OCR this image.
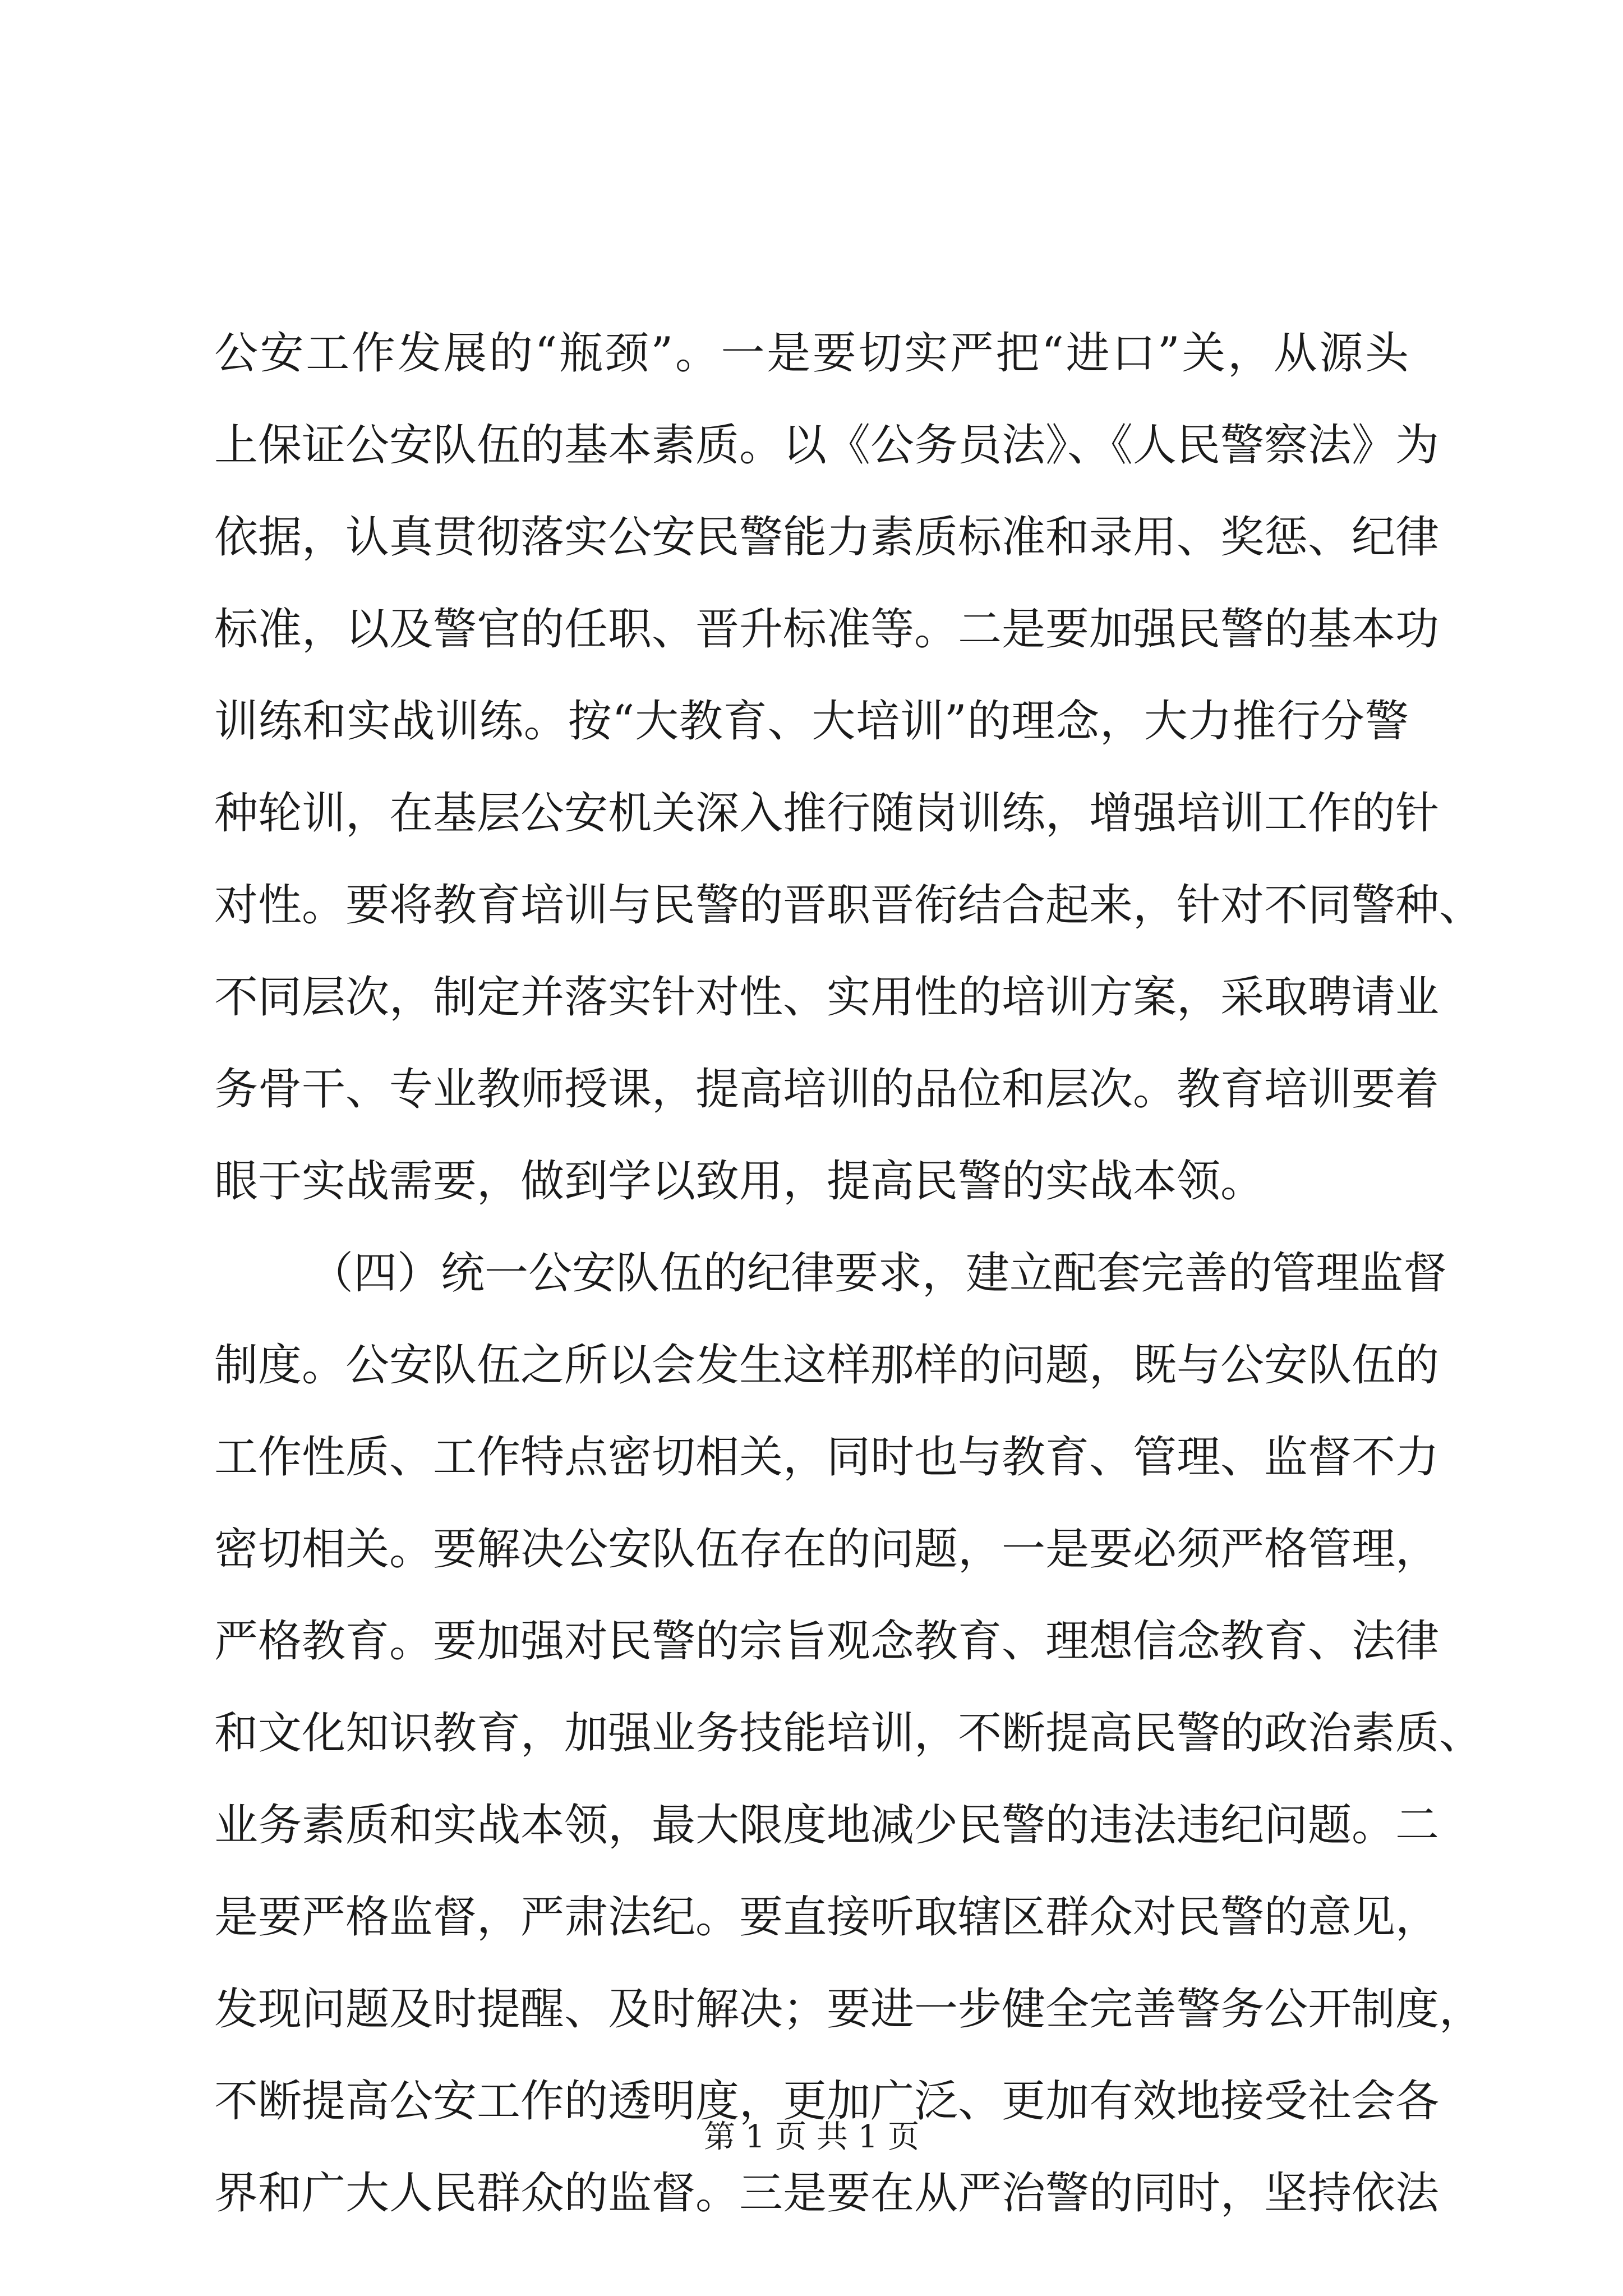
公安工作发展的“瓶颈”。一是要切实严把“进口”关，从源头
上保证公安队伍的基本素质。以《公务员法》、《人民警察法》为
依据，认真贯彻落实公安民警能力素质标准和录用、奖惩、纪律
标准，以及警官的任职、晋升标准等。二是要加强民警的基本功
训练和实战训练。按“大教育、大培训”的理念，大力推行分警
种轮训，在基层公安机关深入推行随岗训练，增强培训工作的针
对性。要将教育培训与民警的晋职晋衔结合起来，针对不同警种、
不同层次，制定并落实针对性、实用性的培训方案，采取聘请业
务骨干、专业教师授课，提高培训的品位和层次。教育培训要着
眼于实战需要，做到学以致用，提高民警的实战本领。
（四）统一公安队伍的纪律要求，建立配套完善的管理监督
制度。公安队伍之所以会发生这样那样的问题，既与公安队伍的
工作性质、工作特点密切相关，同时也与教育、管理、监督不力
密切相关。要解决公安队伍存在的问题，一是要必须严格管理，
严格教育。要加强对民警的宗旨观念教育、理想信念教育、法律
和文化知识教育，加强业务技能培训，不断提高民警的政治素质、
业务素质和实战本领，最大限度地减少民警的违法违纪问题。二
是要严格监督，严肃法纪。要直接听取辖区群众对民警的意见，
发现问题及时提醒、及时解决；要进一步健全完善警务公开制度，
不断提高公安工作的透明度，更加广泛、更加有效地接受社会各
界和广大人民群众的监督。三是要在从严治警的同时，坚持依法

第 1 页 共 1 页
